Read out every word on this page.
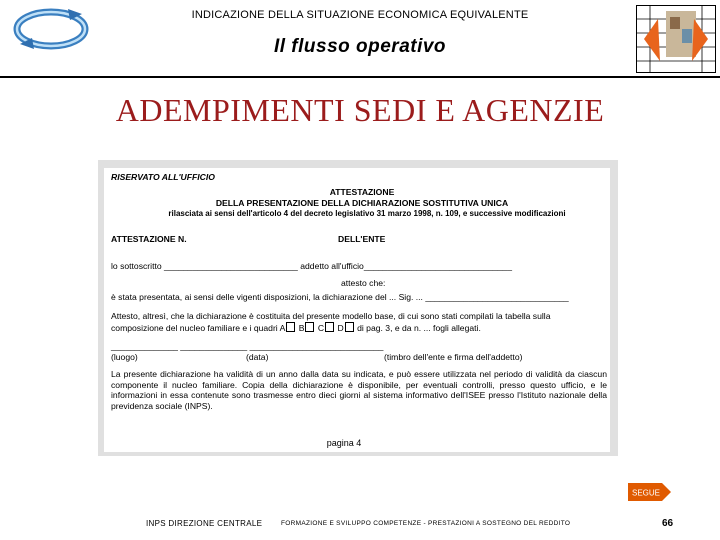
INDICAZIONE DELLA SITUAZIONE ECONOMICA EQUIVALENTE
Il flusso operativo
ADEMPIMENTI SEDI E AGENZIE
RISERVATO ALL'UFFICIO
ATTESTAZIONE
DELLA PRESENTAZIONE DELLA DICHIARAZIONE SOSTITUTIVA UNICA
rilasciata ai sensi dell'articolo 4 del decreto legislativo 31 marzo 1998, n. 109, e successive modificazioni
ATTESTAZIONE N.	DELL'ENTE
lo sottoscritto ____________________________ addetto all'ufficio_______________________________
attesto che:
è stata presentata, ai sensi delle vigenti disposizioni, la dichiarazione del ... Sig. ... ______________________________
Attesto, altresì, che la dichiarazione è costituita del presente modello base, di cui sono stati compilati la tabella sulla
composizione del nucleo familiare e i quadri A B C D di pag. 3, e da n. ... fogli allegati.
______________ ______________ ____________________________
(luogo)	(data)	(timbro dell'ente e firma dell'addetto)
La presente dichiarazione ha validità di un anno dalla data su indicata, e può essere utilizzata nel periodo di validità da ciascun componente il nucleo familiare. Copia della dichiarazione è disponibile, per eventuali controlli, presso questo ufficio, e le informazioni in essa contenute sono trasmesse entro dieci giorni al sistema informativo dell'ISEE presso l'Istituto nazionale della previdenza sociale (INPS).
pagina 4
SEGUE
INPS DIREZIONE CENTRALE	FORMAZIONE E SVILUPPO COMPETENZE - PRESTAZIONI A SOSTEGNO DEL REDDITO	66
